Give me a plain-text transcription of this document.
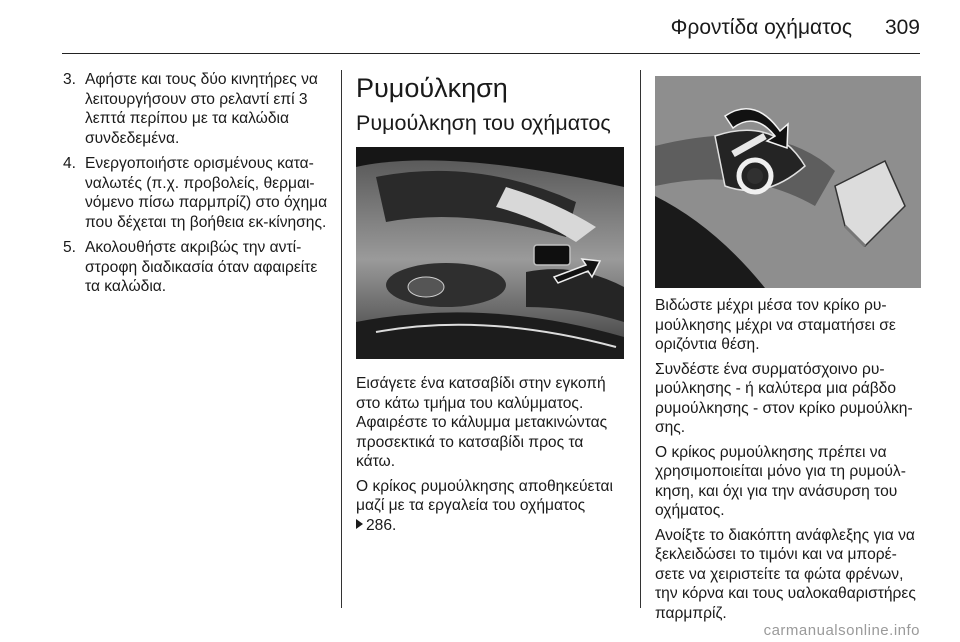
Φροντίδα οχήματος 309
3. Αφήστε και τους δύο κινητήρες να λειτουργήσουν στο ρελαντί επί 3 λεπτά περίπου με τα καλώδια συνδεδεμένα.
4. Ενεργοποιήστε ορισμένους κατα-ναλωτές (π.χ. προβολείς, θερμαι-νόμενο πίσω παρμπρίζ) στο όχημα που δέχεται τη βοήθεια εκ-κίνησης.
5. Ακολουθήστε ακριβώς την αντί-στροφη διαδικασία όταν αφαιρείτε τα καλώδια.
Ρυμούλκηση
Ρυμούλκηση του οχήματος

Εισάγετε ένα κατσαβίδι στην εγκοπή στο κάτω τμήμα του καλύμματος. Αφαιρέστε το κάλυμμα μετακινώντας προσεκτικά το κατσαβίδι προς τα κάτω.

Ο κρίκος ρυμούλκησης αποθηκεύεται μαζί με τα εργαλεία του οχήματος
286.

Βιδώστε μέχρι μέσα τον κρίκο ρυ-μούλκησης μέχρι να σταματήσει σε οριζόντια θέση.

Συνδέστε ένα συρματόσχοινο ρυ-μούλκησης - ή καλύτερα μια ράβδο ρυμούλκησης - στον κρίκο ρυμούλκη-σης.

Ο κρίκος ρυμούλκησης πρέπει να χρησιμοποιείται μόνο για τη ρυμούλ-κηση, και όχι για την ανάσυρση του οχήματος.

Ανοίξτε το διακόπτη ανάφλεξης για να ξεκλειδώσει το τιμόνι και να μπορέ-σετε να χειριστείτε τα φώτα φρένων, την κόρνα και τους υαλοκαθαριστήρες παρμπρίζ.

carmanualsonline.info
